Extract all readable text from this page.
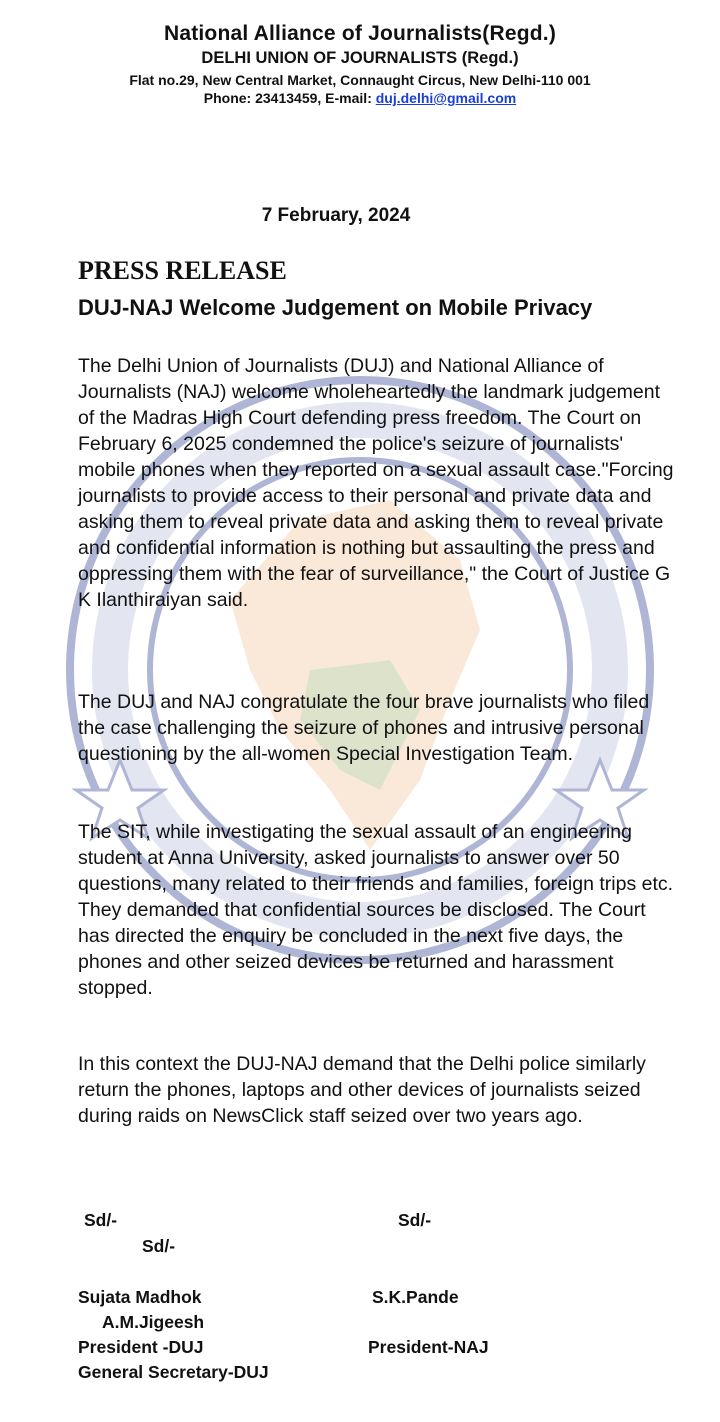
National Alliance of Journalists(Regd.)
DELHI UNION OF JOURNALISTS (Regd.)
Flat no.29, New Central Market, Connaught Circus, New Delhi-110 001
Phone: 23413459, E-mail: duj.delhi@gmail.com
7 February, 2024
PRESS RELEASE
DUJ-NAJ Welcome Judgement on Mobile Privacy
The Delhi Union of Journalists (DUJ) and National Alliance of Journalists (NAJ) welcome wholeheartedly the landmark judgement of the Madras High Court defending press freedom. The Court on February 6, 2025 condemned the police's seizure of journalists' mobile phones when they reported on a sexual assault case."Forcing journalists to provide access to their personal and private data and asking them to reveal private data and asking them to reveal private and confidential information is nothing but assaulting the press and oppressing them with the fear of surveillance," the Court of Justice G K Ilanthiraiyan said.
The DUJ and NAJ congratulate the four brave journalists who filed the case challenging the seizure of phones and intrusive personal questioning by the all-women Special Investigation Team.
The SIT, while investigating the sexual assault of an engineering student at Anna University, asked journalists to answer over 50 questions, many related to their friends and families, foreign trips etc. They demanded that confidential sources be disclosed. The Court has directed the enquiry be concluded in the next five days, the phones and other seized devices be returned and harassment stopped.
In this context the DUJ-NAJ demand that the Delhi police similarly return the phones, laptops and other devices of journalists seized during raids on NewsClick staff seized over two years ago.
Sd/-	Sd/-
Sd/-
Sujata Madhok
A.M.Jigeesh
S.K.Pande
President -DUJ
General Secretary-DUJ
President-NAJ
